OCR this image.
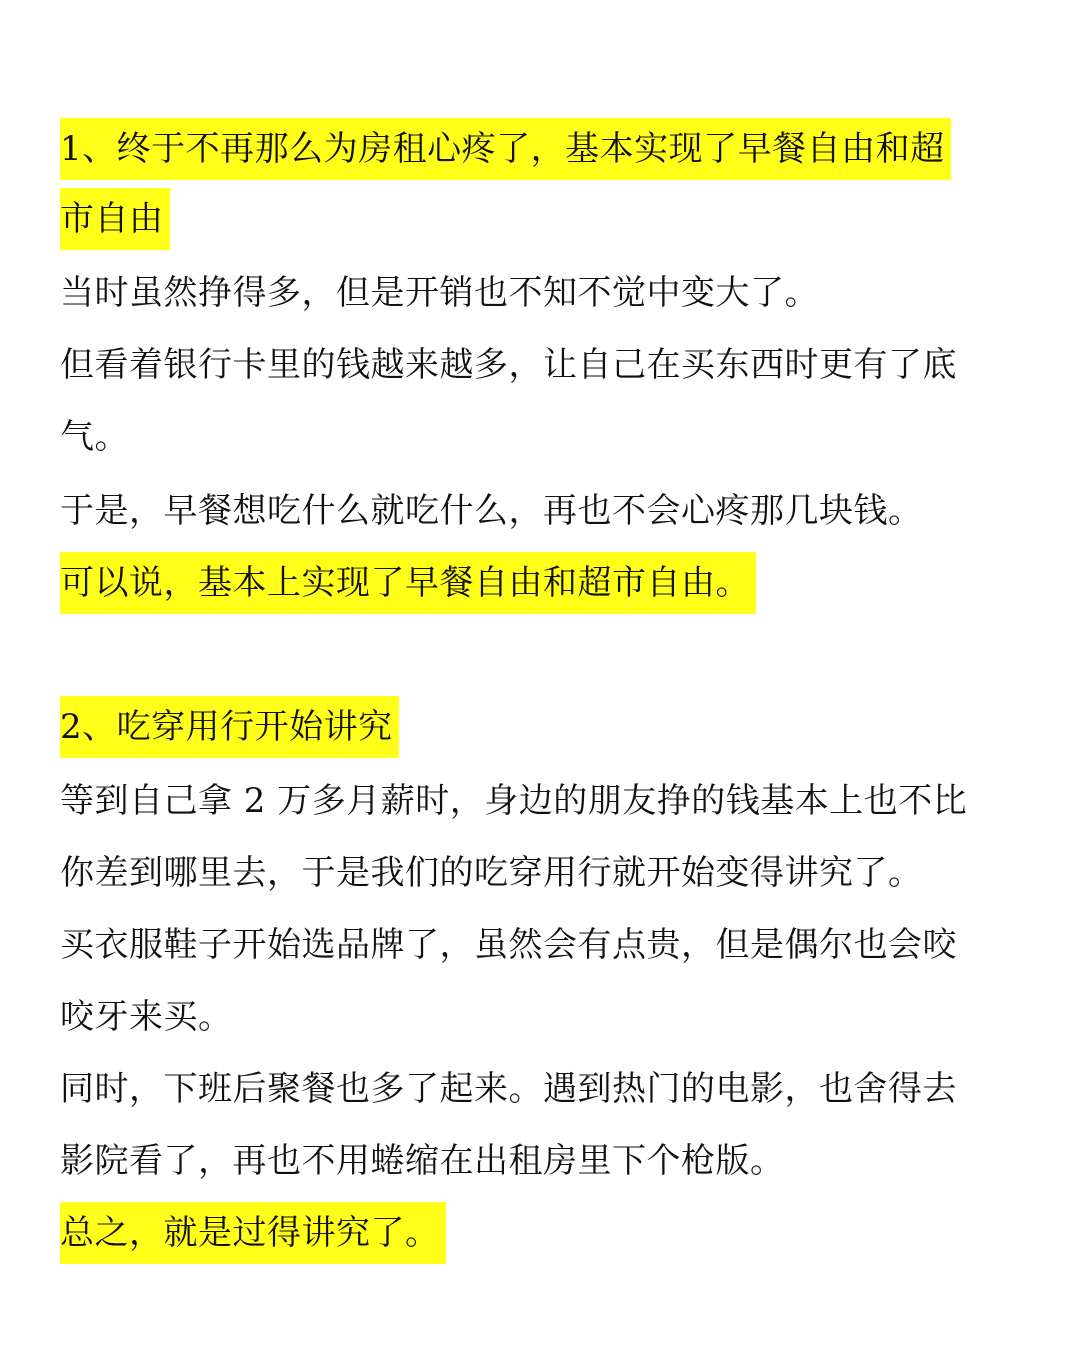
1、终于不再那么为房租心疼了，基本实现了早餐自由和超
市自由
当时虽然挣得多，但是开销也不知不觉中变大了。
但看着银行卡里的钱越来越多，让自己在买东西时更有了底
气。
于是，早餐想吃什么就吃什么，再也不会心疼那几块钱。
可以说，基本上实现了早餐自由和超市自由。
2、吃穿用行开始讲究
等到自己拿 2 万多月薪时，身边的朋友挣的钱基本上也不比
你差到哪里去，于是我们的吃穿用行就开始变得讲究了。
买衣服鞋子开始选品牌了，虽然会有点贵，但是偶尔也会咬
咬牙来买。
同时，下班后聚餐也多了起来。遇到热门的电影，也舍得去
影院看了，再也不用蜷缩在出租房里下个枪版。
总之，就是过得讲究了。
